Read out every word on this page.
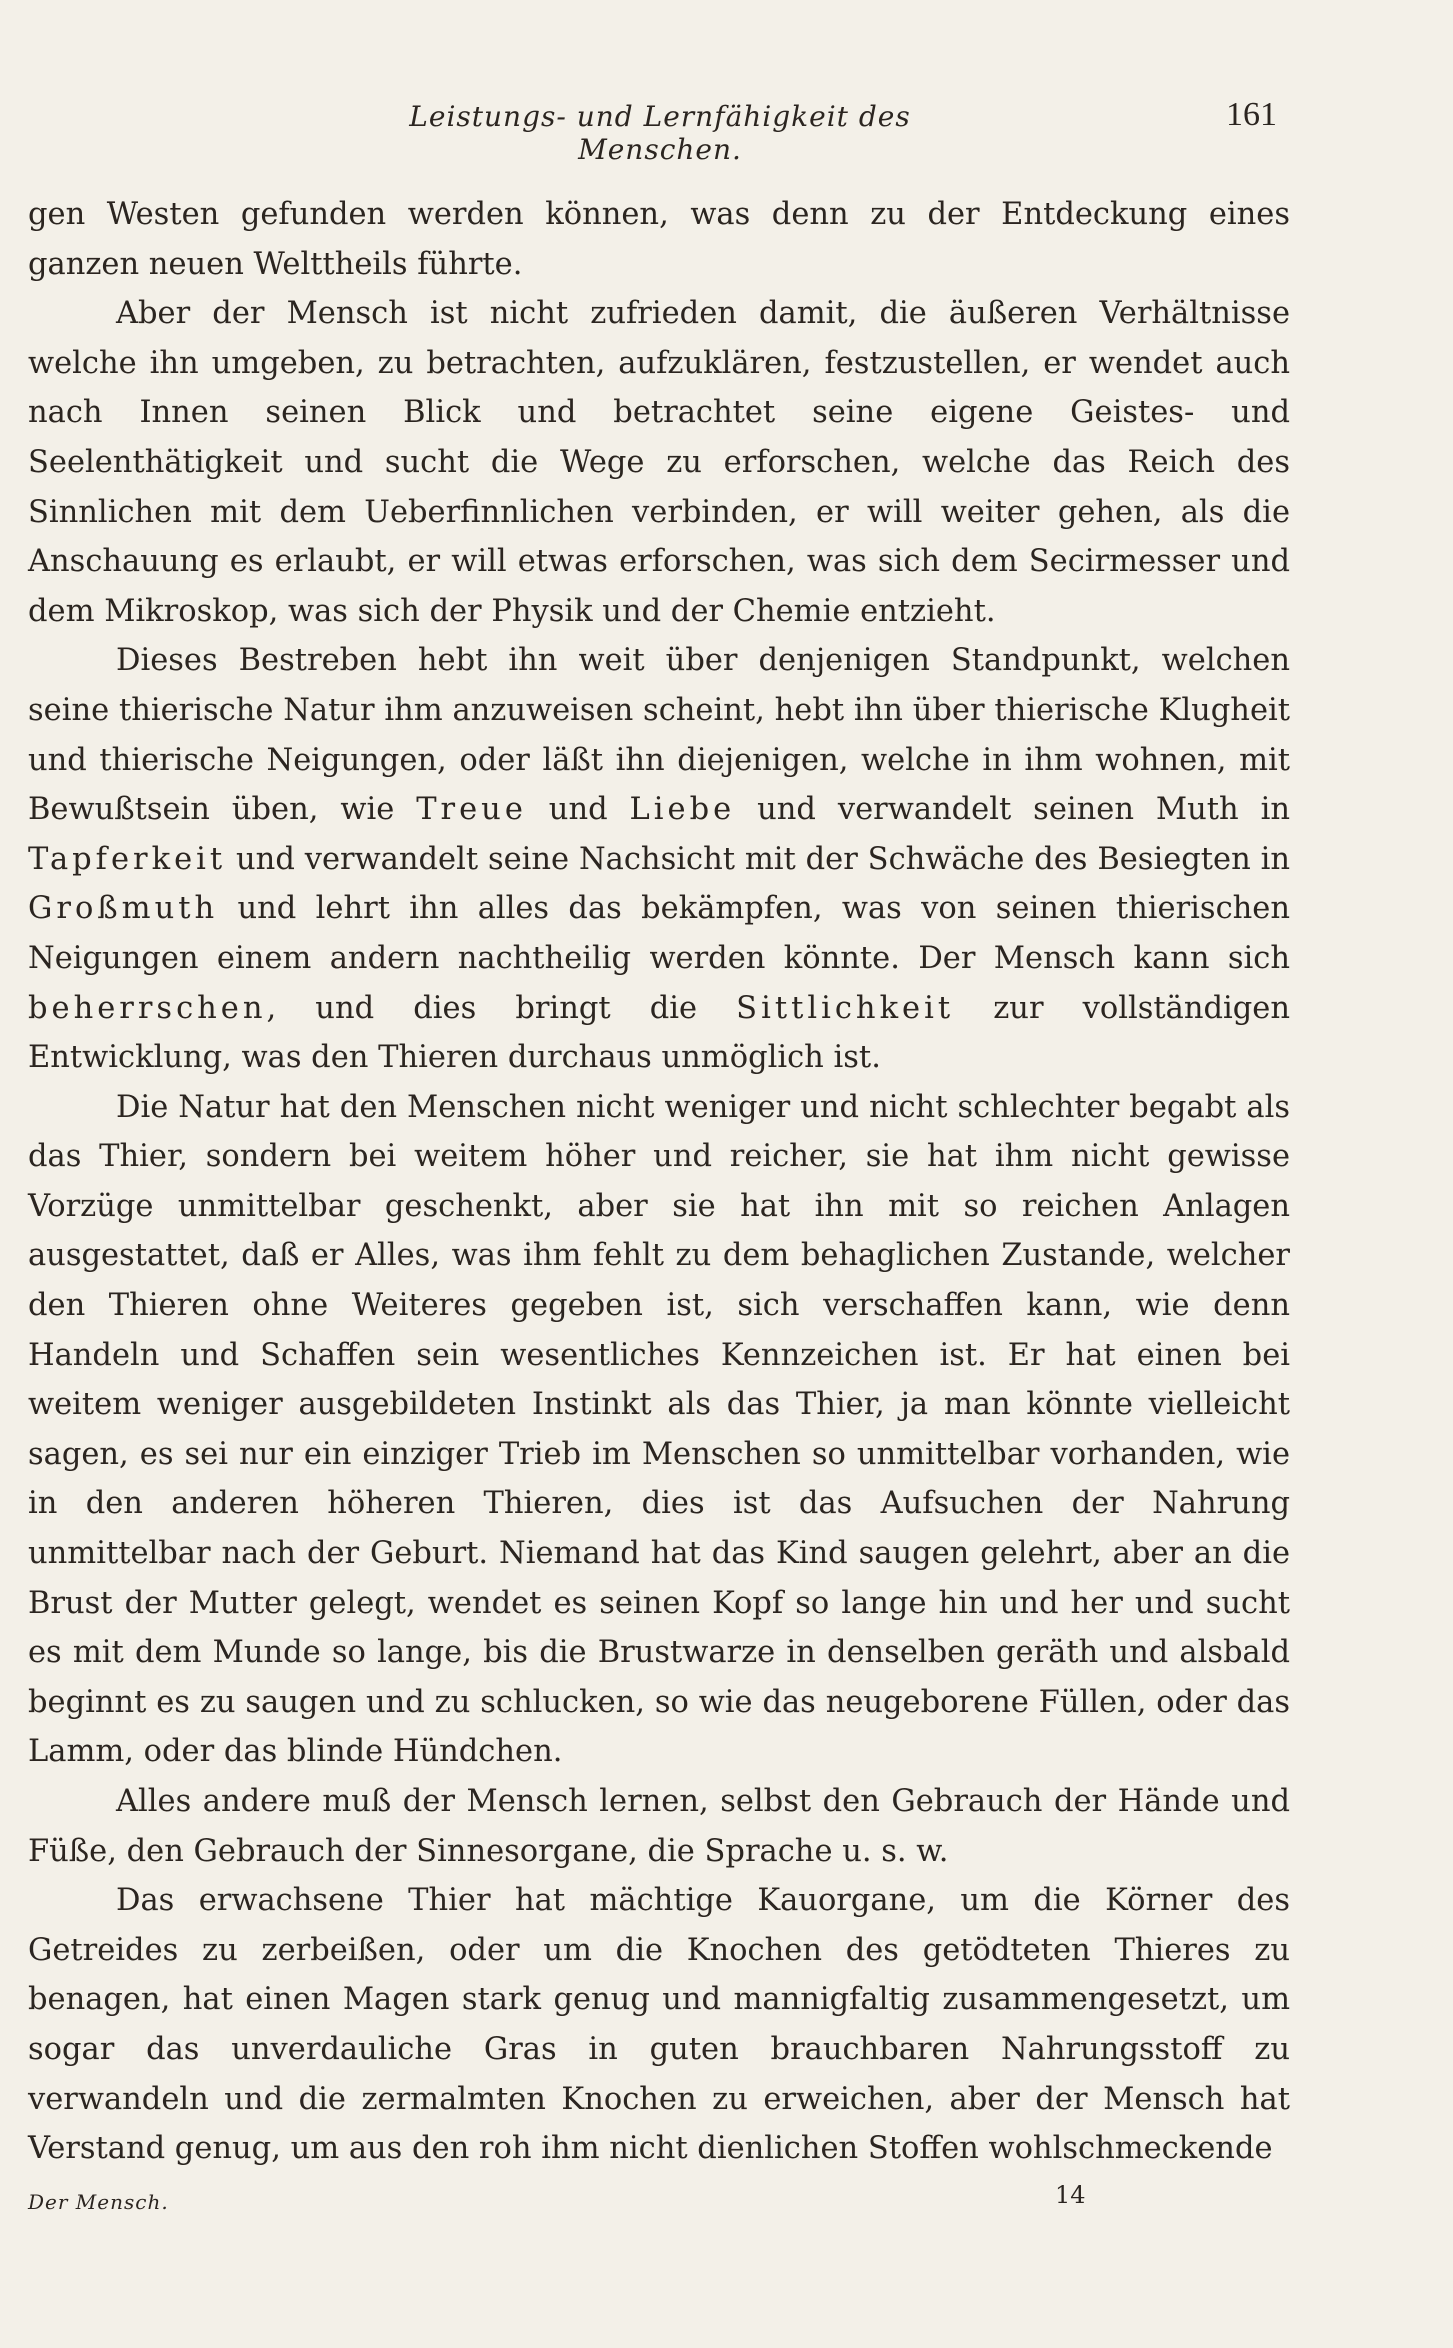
Leistungs- und Lernfähigkeit des Menschen.
161

gen Westen gefunden werden können, was denn zu der Entdeckung eines ganzen neuen Welttheils führte.

Aber der Mensch ist nicht zufrieden damit, die äußeren Verhältnisse welche ihn umgeben, zu betrachten, aufzuklären, festzustellen, er wendet auch nach Innen seinen Blick und betrachtet seine eigene Geistes- und Seelenthätigkeit und sucht die Wege zu erforschen, welche das Reich des Sinnlichen mit dem Ueberfinnlichen verbinden, er will weiter gehen, als die Anschauung es erlaubt, er will etwas erforschen, was sich dem Secirmesser und dem Mikroskop, was sich der Physik und der Chemie entzieht.

Dieses Bestreben hebt ihn weit über denjenigen Standpunkt, welchen seine thierische Natur ihm anzuweisen scheint, hebt ihn über thierische Klugheit und thierische Neigungen, oder läßt ihn diejenigen, welche in ihm wohnen, mit Bewußtsein üben, wie Treue und Liebe und verwandelt seinen Muth in Tapferkeit und verwandelt seine Nachsicht mit der Schwäche des Besiegten in Großmuth und lehrt ihn alles das bekämpfen, was von seinen thierischen Neigungen einem andern nachtheilig werden könnte. Der Mensch kann sich beherrschen, und dies bringt die Sittlichkeit zur vollständigen Entwicklung, was den Thieren durchaus unmöglich ist.

Die Natur hat den Menschen nicht weniger und nicht schlechter begabt als das Thier, sondern bei weitem höher und reicher, sie hat ihm nicht gewisse Vorzüge unmittelbar geschenkt, aber sie hat ihn mit so reichen Anlagen ausgestattet, daß er Alles, was ihm fehlt zu dem behaglichen Zustande, welcher den Thieren ohne Weiteres gegeben ist, sich verschaffen kann, wie denn Handeln und Schaffen sein wesentliches Kennzeichen ist. Er hat einen bei weitem weniger ausgebildeten Instinkt als das Thier, ja man könnte vielleicht sagen, es sei nur ein einziger Trieb im Menschen so unmittelbar vorhanden, wie in den anderen höheren Thieren, dies ist das Aufsuchen der Nahrung unmittelbar nach der Geburt. Niemand hat das Kind saugen gelehrt, aber an die Brust der Mutter gelegt, wendet es seinen Kopf so lange hin und her und sucht es mit dem Munde so lange, bis die Brustwarze in denselben geräth und alsbald beginnt es zu saugen und zu schlucken, so wie das neugeborene Füllen, oder das Lamm, oder das blinde Hündchen.

Alles andere muß der Mensch lernen, selbst den Gebrauch der Hände und Füße, den Gebrauch der Sinnesorgane, die Sprache u. s. w.

Das erwachsene Thier hat mächtige Kauorgane, um die Körner des Getreides zu zerbeißen, oder um die Knochen des getödteten Thieres zu benagen, hat einen Magen stark genug und mannigfaltig zusammengesetzt, um sogar das unverdauliche Gras in guten brauchbaren Nahrungsstoff zu verwandeln und die zermalmten Knochen zu erweichen, aber der Mensch hat Verstand genug, um aus den roh ihm nicht dienlichen Stoffen wohlschmeckende

Der Mensch.	14
